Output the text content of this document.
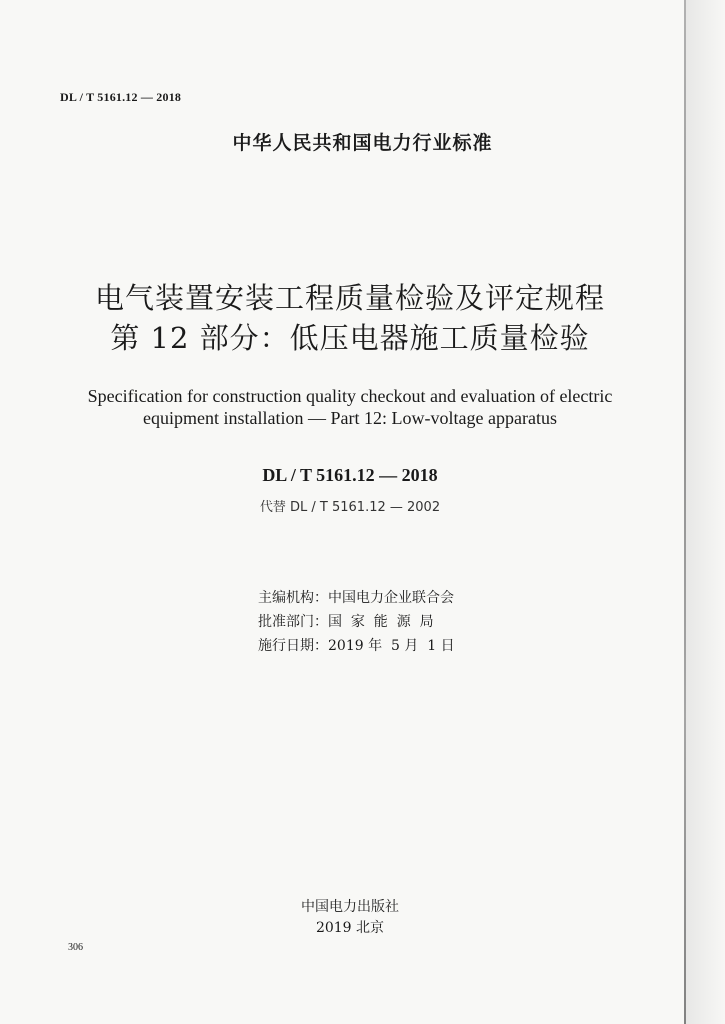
DL / T 5161.12 — 2018
中华人民共和国电力行业标准
电气装置安装工程质量检验及评定规程
第 12 部分：低压电器施工质量检验
Specification for construction quality checkout and evaluation of electric
equipment installation — Part 12: Low-voltage apparatus
DL / T 5161.12 — 2018
代替 DL / T 5161.12 — 2002
主编机构：中国电力企业联合会
批准部门：国  家  能  源  局
施行日期：2019 年  5 月  1 日
中国电力出版社
2019 北京
306
